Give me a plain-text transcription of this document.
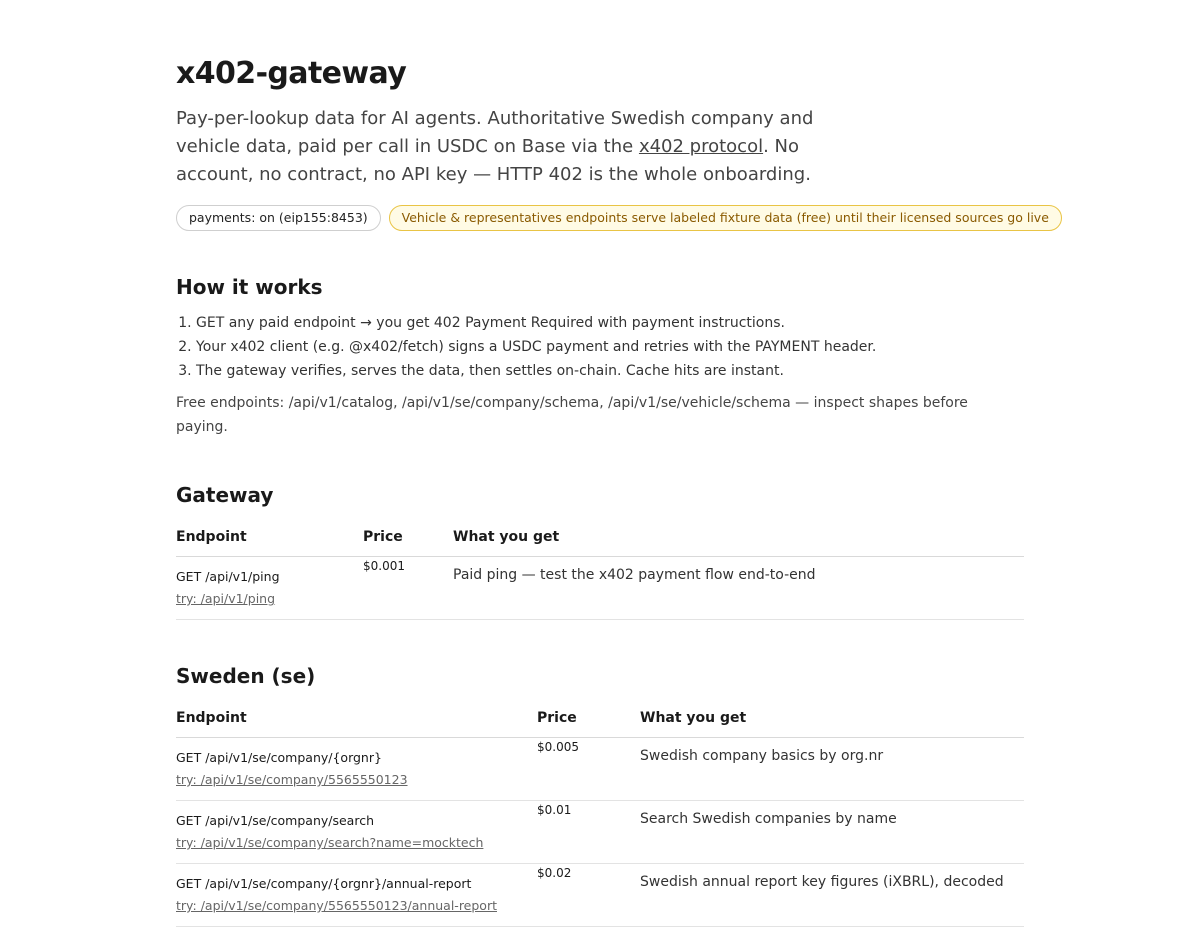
x402-gateway

Pay-per-lookup data for AI agents. Authoritative Swedish company and vehicle data, paid per call in USDC on Base via the x402 protocol. No account, no contract, no API key — HTTP 402 is the whole onboarding.

payments: on (eip155:8453)	Vehicle & representatives endpoints serve labeled fixture data (free) until their licensed sources go live
How it works
1. GET any paid endpoint → you get 402 Payment Required with payment instructions.
2. Your x402 client (e.g. @x402/fetch) signs a USDC payment and retries with the PAYMENT header.
3. The gateway verifies, serves the data, then settles on-chain. Cache hits are instant.
Free endpoints: /api/v1/catalog, /api/v1/se/company/schema, /api/v1/se/vehicle/schema — inspect shapes before paying.
Gateway
Endpoint	Price	What you get

GET /api/v1/ping
try: /api/v1/ping	$0.001	Paid ping — test the x402 payment flow end-to-end
Sweden (se)
Endpoint	Price	What you get

GET /api/v1/se/company/{orgnr}
try: /api/v1/se/company/5565550123	$0.005	Swedish company basics by org.nr

GET /api/v1/se/company/search
try: /api/v1/se/company/search?name=mocktech	$0.01	Search Swedish companies by name

GET /api/v1/se/company/{orgnr}/annual-report
try: /api/v1/se/company/5565550123/annual-report	$0.02	Swedish annual report key figures (iXBRL), decoded
